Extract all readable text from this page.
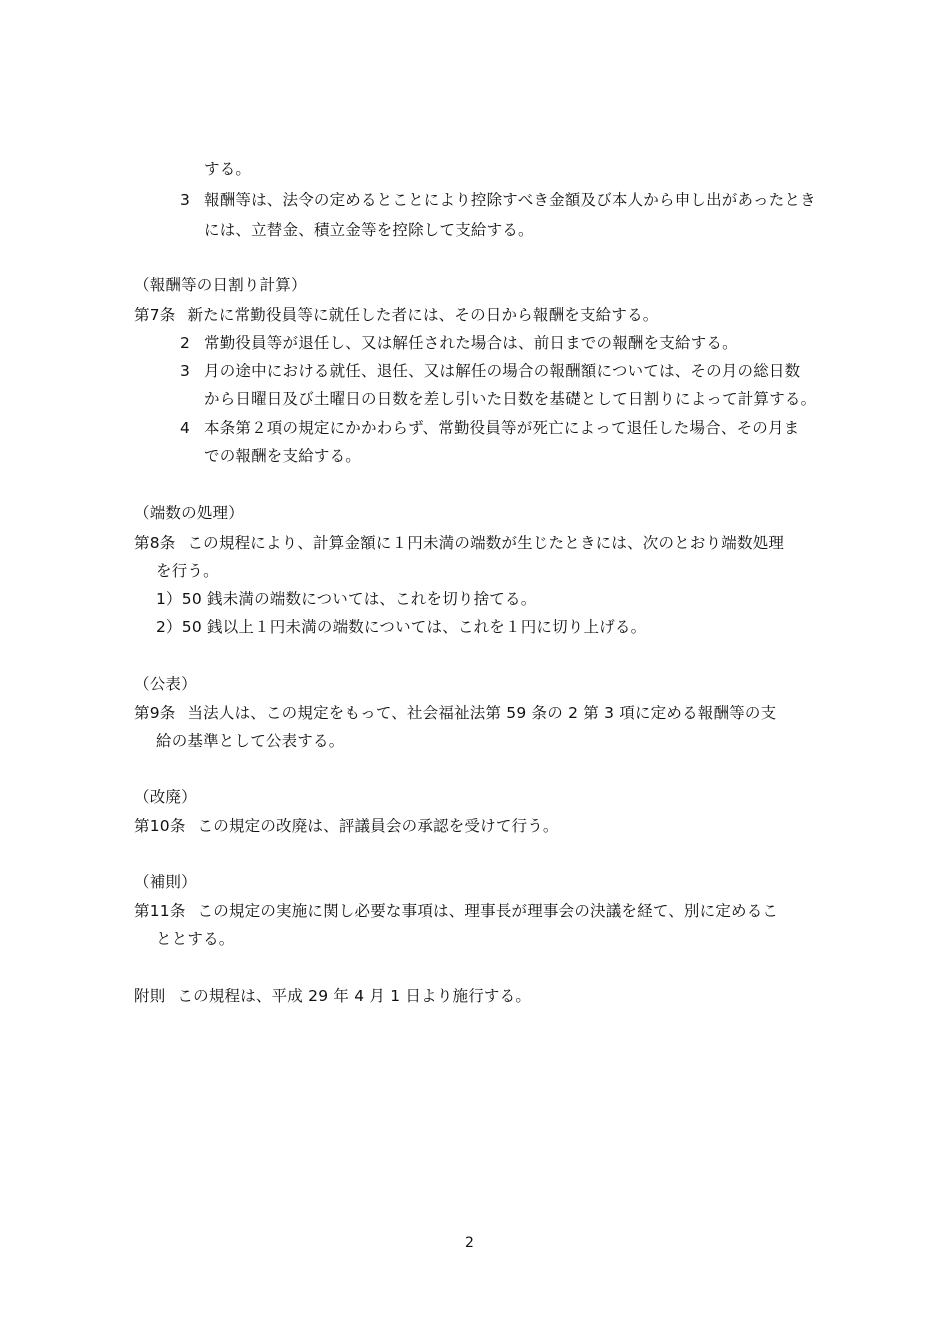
する。
3 報酬等は、法令の定めるとことにより控除すべき金額及び本人から申し出があったとき
には、立替金、積立金等を控除して支給する。
（報酬等の日割り計算）
第7条 新たに常勤役員等に就任した者には、その日から報酬を支給する。
2 常勤役員等が退任し、又は解任された場合は、前日までの報酬を支給する。
3 月の途中における就任、退任、又は解任の場合の報酬額については、その月の総日数
から日曜日及び土曜日の日数を差し引いた日数を基礎として日割りによって計算する。
4 本条第２項の規定にかかわらず、常勤役員等が死亡によって退任した場合、その月ま
での報酬を支給する。
（端数の処理）
第8条 この規程により、計算金額に１円未満の端数が生じたときには、次のとおり端数処理
を行う。
1）50 銭未満の端数については、これを切り捨てる。
2）50 銭以上１円未満の端数については、これを１円に切り上げる。
（公表）
第9条 当法人は、この規定をもって、社会福祉法第 59 条の 2 第 3 項に定める報酬等の支
給の基準として公表する。
（改廃）
第10条 この規定の改廃は、評議員会の承認を受けて行う。
（補則）
第11条 この規定の実施に関し必要な事項は、理事長が理事会の決議を経て、別に定めるこ
ととする。
附則 この規程は、平成 29 年 4 月 1 日より施行する。
2
